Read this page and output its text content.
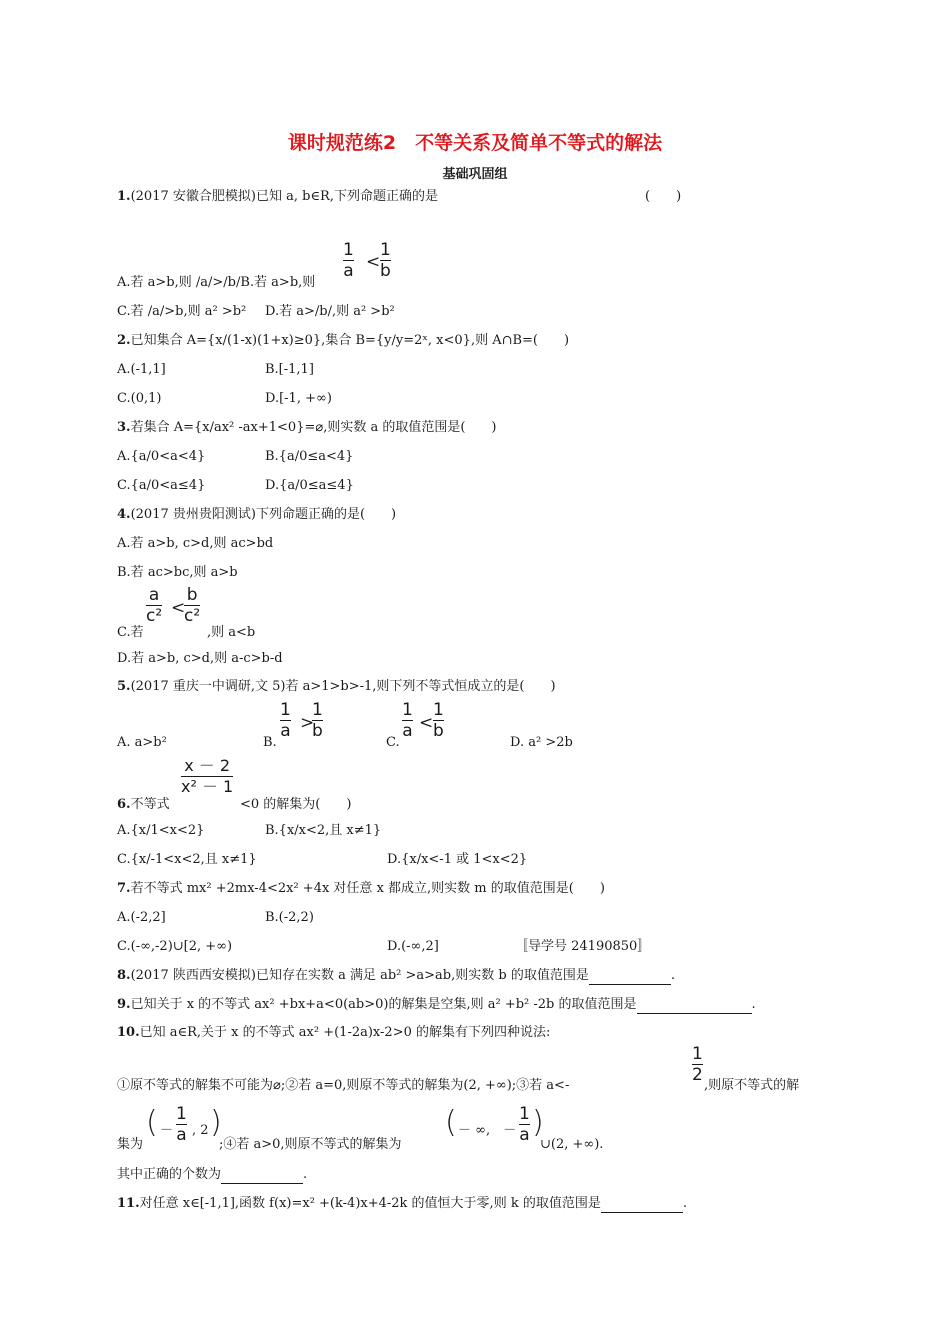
课时规范练2　不等关系及简单不等式的解法
基础巩固组
1.(2017 安徽合肥模拟)已知 a, b∈R,下列命题正确的是	(　　)
1
a <
1
b
A.若 a>b,则 /a/>/b/B.若 a>b,则
C.若 /a/>b,则 a² >b² D.若 a>/b/,则 a² >b²
2.已知集合 A={x/(1-x)(1+x)≥0},集合 B={y/y=2ˣ, x<0},则 A∩B=(　　)
A.(-1,1]	B.[-1,1]
C.(0,1)	D.[-1, +∞)
3.若集合 A={x/ax² -ax+1<0}=⌀,则实数 a 的取值范围是(　　)
A.{a/0<a<4}	B.{a/0≤a<4}
C.{a/0<a≤4}	D.{a/0≤a≤4}
4.(2017 贵州贵阳测试)下列命题正确的是(　　)
A.若 a>b, c>d,则 ac>bd
B.若 ac>bc,则 a>b
a
c² <
b
c²
C.若	,则 a<b
D.若 a>b, c>d,则 a-c>b-d
5.(2017 重庆一中调研,文 5)若 a>1>b>-1,则下列不等式恒成立的是(　　)
A. a>b²	B.
1
a >
1
b
C.
1
a <
1
b
D. a² >2b
x － 2
x² － 1
6.不等式	<0 的解集为(　　)
A.{x/1<x<2}	B.{x/x<2,且 x≠1}
C.{x/-1<x<2,且 x≠1}	D.{x/x<-1 或 1<x<2}
7.若不等式 mx² +2mx-4<2x² +4x 对任意 x 都成立,则实数 m 的取值范围是(　　)
A.(-2,2]	B.(-2,2)
C.(-∞,-2)∪[2, +∞)	D.(-∞,2]	〚导学号 24190850〛
8.(2017 陕西西安模拟)已知存在实数 a 满足 ab² >a>ab,则实数 b 的取值范围是	.
9.已知关于 x 的不等式 ax² +bx+a<0(ab>0)的解集是空集,则 a² +b² -2b 的取值范围是	.
10.已知 a∈R,关于 x 的不等式 ax² +(1-2a)x-2>0 的解集有下列四种说法:
①原不等式的解集不可能为⌀;②若 a=0,则原不等式的解集为(2, +∞);③若 a<-
1
2
,则原不等式的解
集为
( －
1
a , 2 )
;④若 a>0,则原不等式的解集为
( － ∞,　－
1
a )
∪(2, +∞).
其中正确的个数为	.
11.对任意 x∈[-1,1],函数 f(x)=x² +(k-4)x+4-2k 的值恒大于零,则 k 的取值范围是	.
